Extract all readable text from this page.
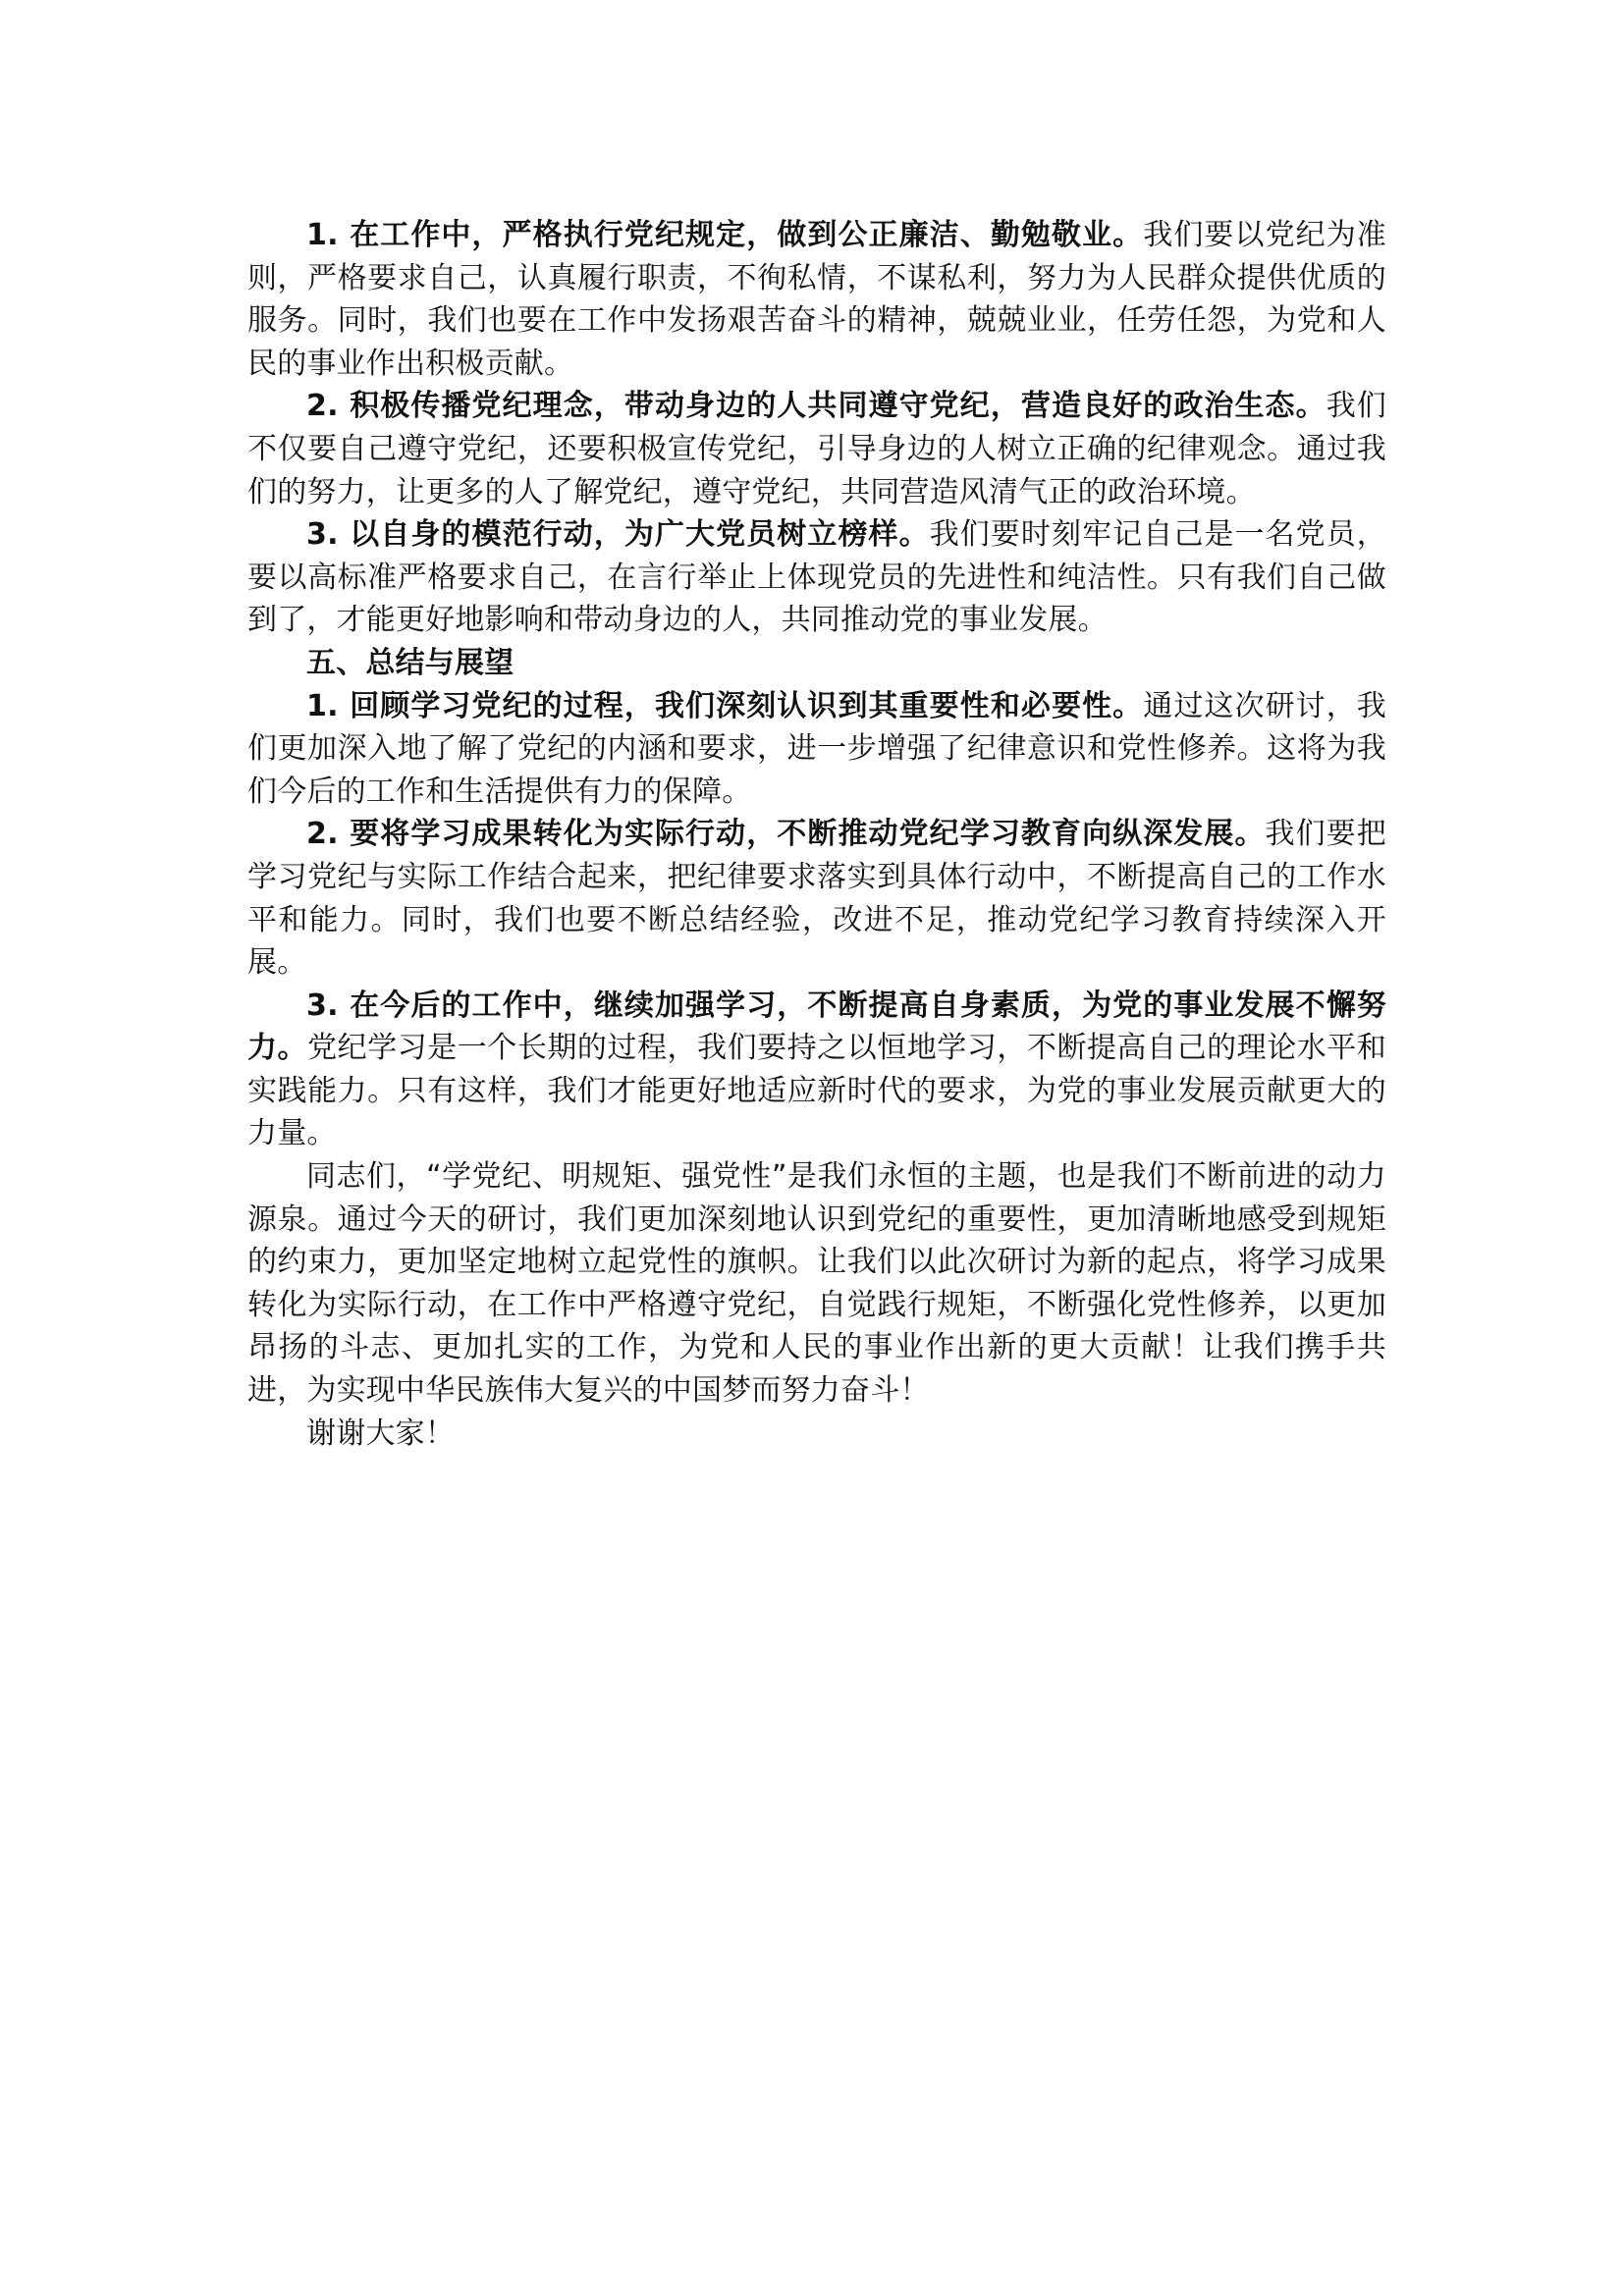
1. 在工作中，严格执行党纪规定，做到公正廉洁、勤勉敬业。我们要以党纪为准则，严格要求自己，认真履行职责，不徇私情，不谋私利，努力为人民群众提供优质的服务。同时，我们也要在工作中发扬艰苦奋斗的精神，兢兢业业，任劳任怨，为党和人民的事业作出积极贡献。

2. 积极传播党纪理念，带动身边的人共同遵守党纪，营造良好的政治生态。我们不仅要自己遵守党纪，还要积极宣传党纪，引导身边的人树立正确的纪律观念。通过我们的努力，让更多的人了解党纪，遵守党纪，共同营造风清气正的政治环境。

3. 以自身的模范行动，为广大党员树立榜样。我们要时刻牢记自己是一名党员，要以高标准严格要求自己，在言行举止上体现党员的先进性和纯洁性。只有我们自己做到了，才能更好地影响和带动身边的人，共同推动党的事业发展。

五、总结与展望

1. 回顾学习党纪的过程，我们深刻认识到其重要性和必要性。通过这次研讨，我们更加深入地了解了党纪的内涵和要求，进一步增强了纪律意识和党性修养。这将为我们今后的工作和生活提供有力的保障。

2. 要将学习成果转化为实际行动，不断推动党纪学习教育向纵深发展。我们要把学习党纪与实际工作结合起来，把纪律要求落实到具体行动中，不断提高自己的工作水平和能力。同时，我们也要不断总结经验，改进不足，推动党纪学习教育持续深入开展。

3. 在今后的工作中，继续加强学习，不断提高自身素质，为党的事业发展不懈努力。党纪学习是一个长期的过程，我们要持之以恒地学习，不断提高自己的理论水平和实践能力。只有这样，我们才能更好地适应新时代的要求，为党的事业发展贡献更大的力量。

同志们，“学党纪、明规矩、强党性”是我们永恒的主题，也是我们不断前进的动力源泉。通过今天的研讨，我们更加深刻地认识到党纪的重要性，更加清晰地感受到规矩的约束力，更加坚定地树立起党性的旗帜。让我们以此次研讨为新的起点，将学习成果转化为实际行动，在工作中严格遵守党纪，自觉践行规矩，不断强化党性修养，以更加昂扬的斗志、更加扎实的工作，为党和人民的事业作出新的更大贡献！让我们携手共进，为实现中华民族伟大复兴的中国梦而努力奋斗！

谢谢大家！
